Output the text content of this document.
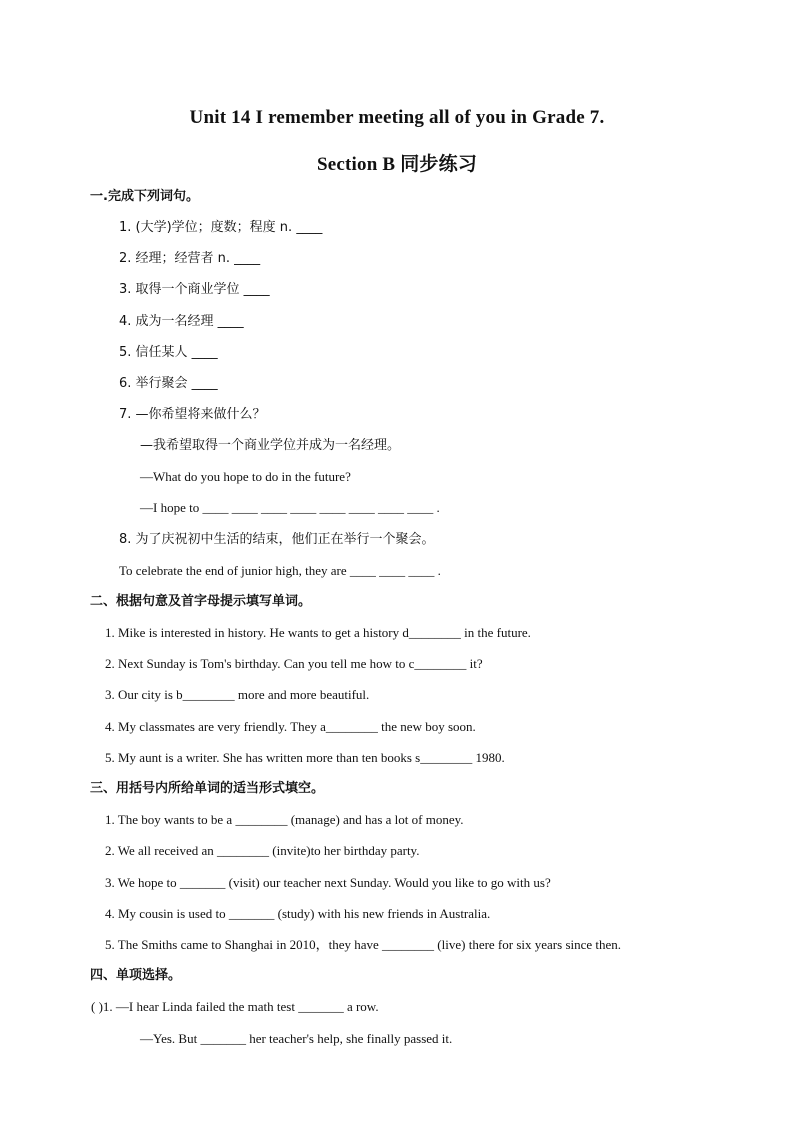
Unit 14 I remember meeting all of you in Grade 7.
Section B 同步练习
一.完成下列词句。
1. (大学)学位；度数；程度 n. ____
2. 经理；经营者 n. ____
3. 取得一个商业学位 ____
4. 成为一名经理 ____
5. 信任某人 ____
6. 举行聚会 ____
7. —你希望将来做什么？
—我希望取得一个商业学位并成为一名经理。
—What do you hope to do in the future?
—I hope to ____ ____ ____ ____ ____ ____ ____ ____ .
8. 为了庆祝初中生活的结束，他们正在举行一个聚会。
To celebrate the end of junior high, they are ____ ____ ____ .
二、根据句意及首字母提示填写单词。
1. Mike is interested in history. He wants to get a history d________ in the future.
2. Next Sunday is Tom's birthday. Can you tell me how to c________ it?
3. Our city is b________ more and more beautiful.
4. My classmates are very friendly. They a________ the new boy soon.
5. My aunt is a writer. She has written more than ten books s________ 1980.
三、用括号内所给单词的适当形式填空。
1. The boy wants to be a ________ (manage) and has a lot of money.
2. We all received an ________ (invite)to her birthday party.
3. We hope to _______ (visit) our teacher next Sunday. Would you like to go with us?
4. My cousin is used to _______ (study) with his new friends in Australia.
5. The Smiths came to Shanghai in 2010，they have ________ (live) there for six years since then.
四、单项选择。
( )1. —I hear Linda failed the math test _______ a row.
—Yes. But _______ her teacher's help, she finally passed it.
